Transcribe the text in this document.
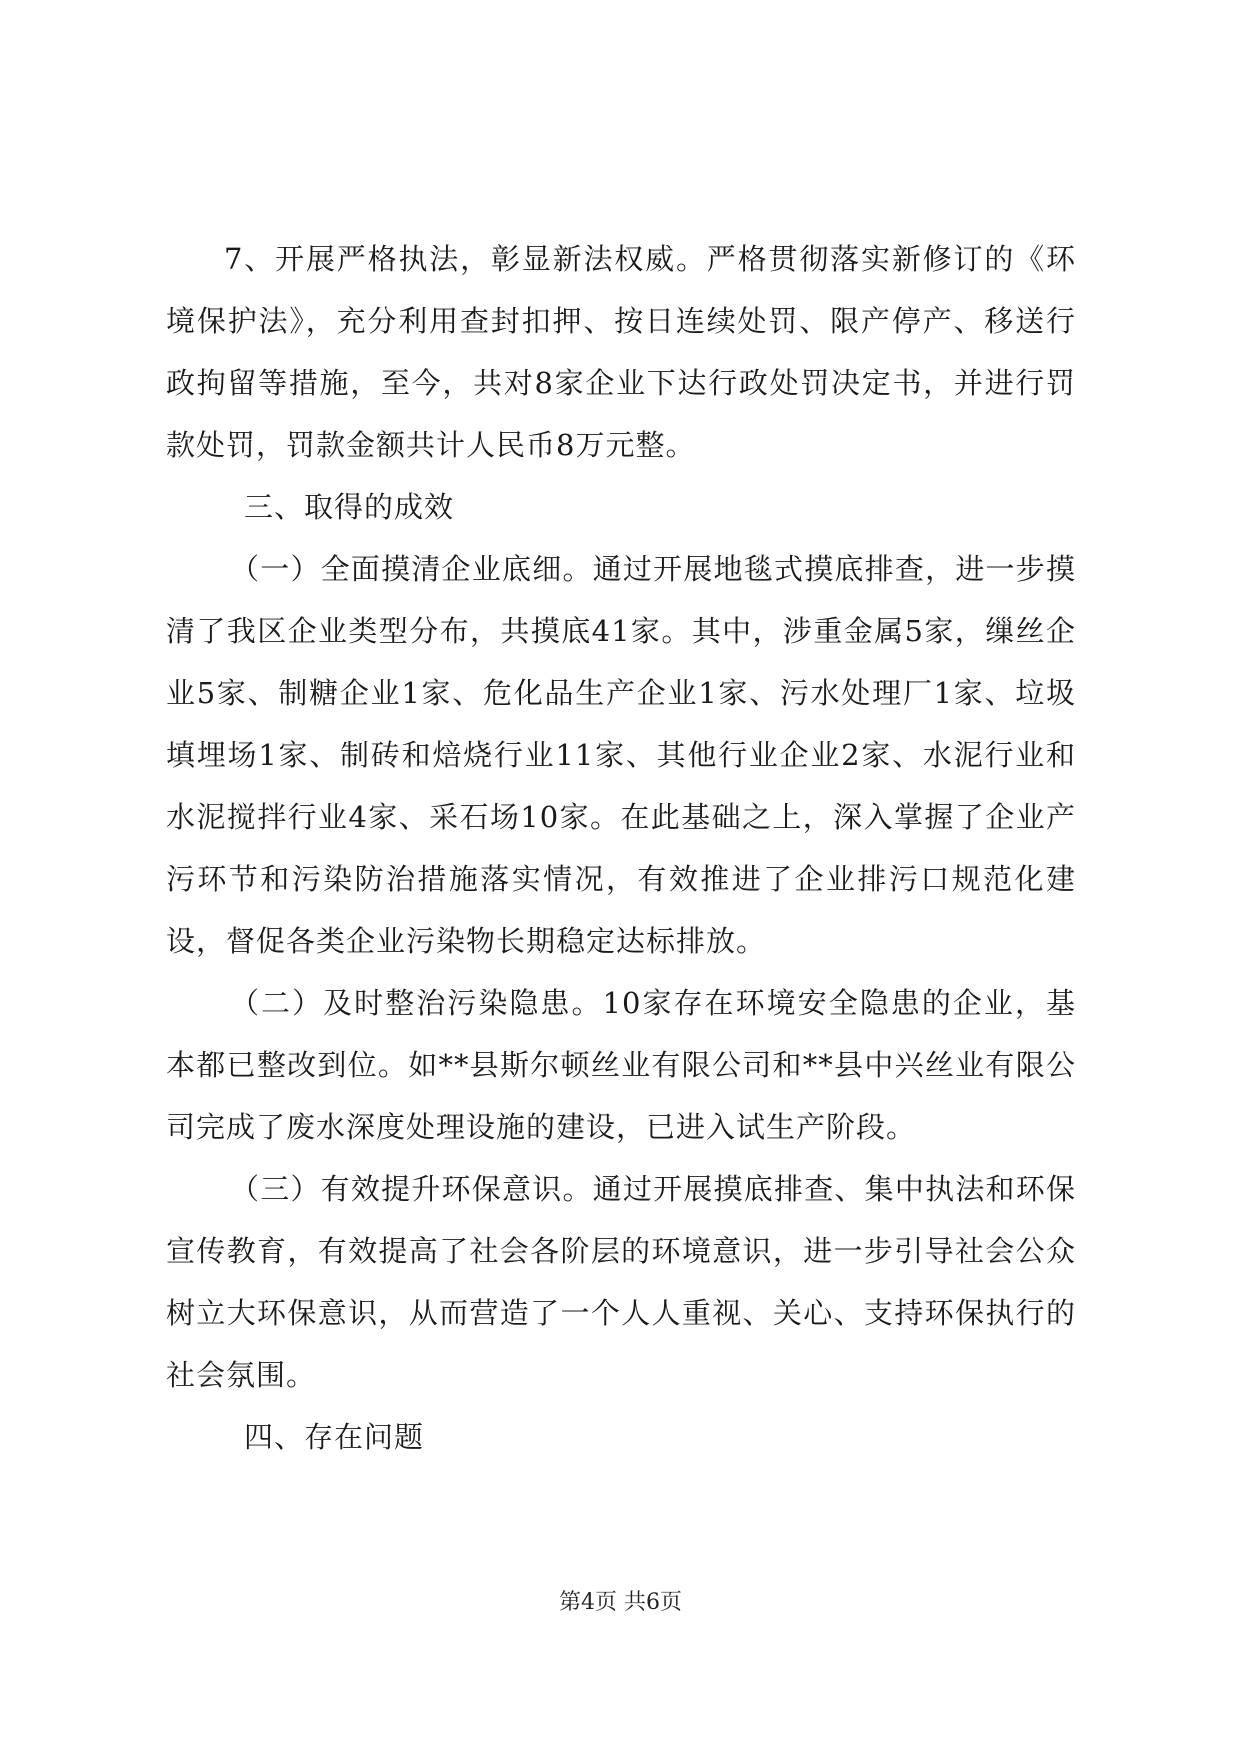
7、开展严格执法，彰显新法权威。严格贯彻落实新修订的《环境保护法》，充分利用查封扣押、按日连续处罚、限产停产、移送行政拘留等措施，至今，共对8家企业下达行政处罚决定书，并进行罚款处罚，罚款金额共计人民币8万元整。

三、取得的成效

（一）全面摸清企业底细。通过开展地毯式摸底排查，进一步摸清了我区企业类型分布，共摸底41家。其中，涉重金属5家，缫丝企业5家、制糖企业1家、危化品生产企业1家、污水处理厂1家、垃圾填埋场1家、制砖和焙烧行业11家、其他行业企业2家、水泥行业和水泥搅拌行业4家、采石场10家。在此基础之上，深入掌握了企业产污环节和污染防治措施落实情况，有效推进了企业排污口规范化建设，督促各类企业污染物长期稳定达标排放。

（二）及时整治污染隐患。10家存在环境安全隐患的企业，基本都已整改到位。如**县斯尔顿丝业有限公司和**县中兴丝业有限公司完成了废水深度处理设施的建设，已进入试生产阶段。

（三）有效提升环保意识。通过开展摸底排查、集中执法和环保宣传教育，有效提高了社会各阶层的环境意识，进一步引导社会公众树立大环保意识，从而营造了一个人人重视、关心、支持环保执行的社会氛围。

四、存在问题

第4页 共6页
